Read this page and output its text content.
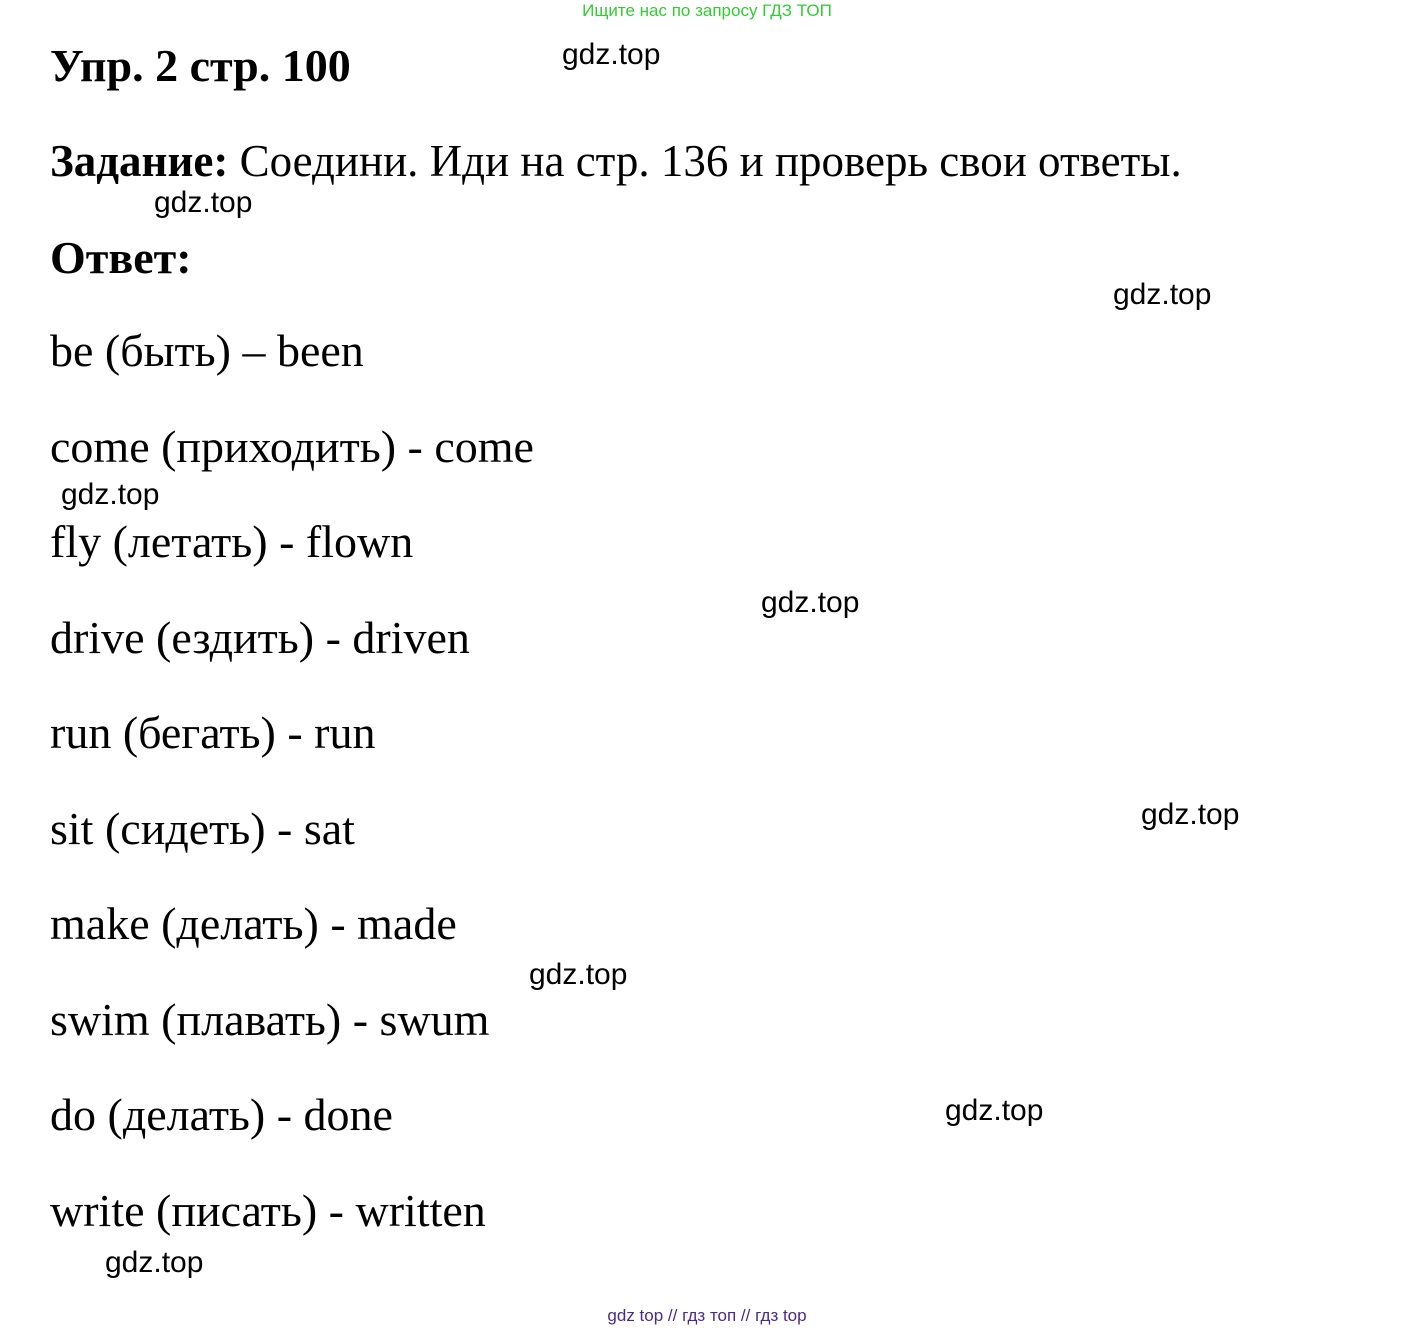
Ищите нас по запросу ГДЗ ТОП
Упр. 2 стр. 100
Задание: Соедини. Иди на стр. 136 и проверь свои ответы.
Ответ:
be (быть) – been
come (приходить) - come
fly (летать) - flown
drive (ездить) - driven
run (бегать) - run
sit (сидеть) - sat
make (делать) - made
swim (плавать) - swum
do (делать) - done
write (писать) - written
gdz.top
gdz.top
gdz.top
gdz.top
gdz.top
gdz.top
gdz.top
gdz.top
gdz.top
gdz top // гдз топ // гдз top
